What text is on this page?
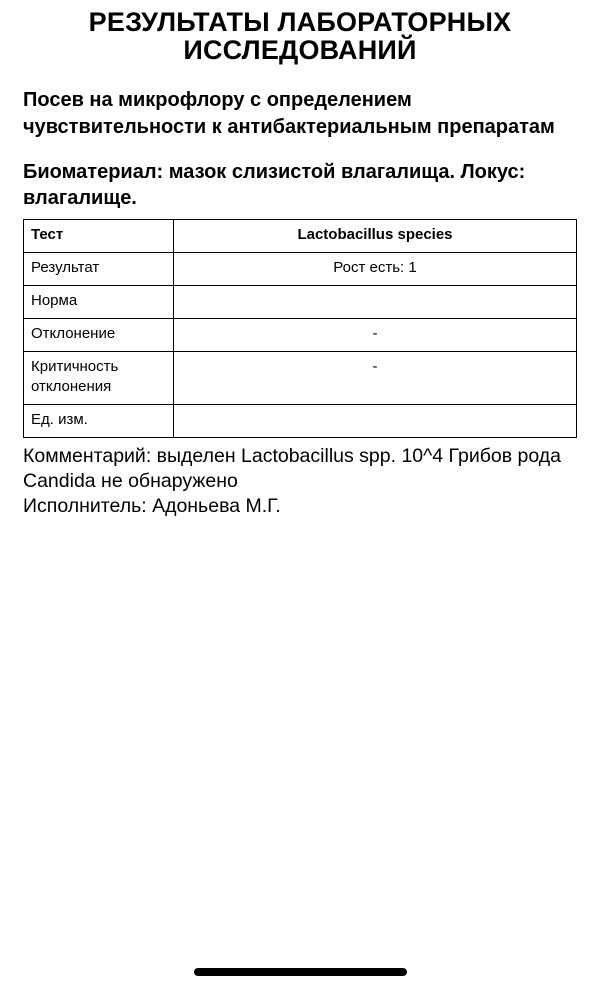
РЕЗУЛЬТАТЫ ЛАБОРАТОРНЫХ ИССЛЕДОВАНИЙ
Посев на микрофлору с определением чувствительности к антибактериальным препаратам
Биоматериал: мазок слизистой влагалища. Локус: влагалище.
Тест	Lactobacillus species
Результат	Рост есть: 1
Норма	
Отклонение	-
Критичность отклонения	-
Ед. изм.	

Комментарий: выделен Lactobacillus spp. 10^4 Грибов рода Candida не обнаружено

Исполнитель: Адоньева М.Г.
